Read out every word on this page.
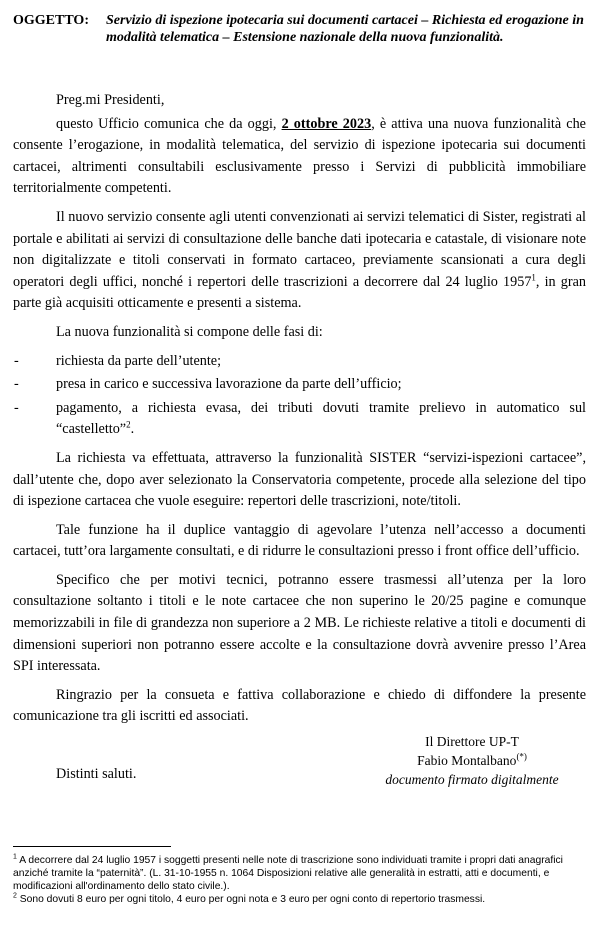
OGGETTO: Servizio di ispezione ipotecaria sui documenti cartacei – Richiesta ed erogazione in modalità telematica – Estensione nazionale della nuova funzionalità.

Preg.mi Presidenti,

questo Ufficio comunica che da oggi, 2 ottobre 2023, è attiva una nuova funzionalità che consente l’erogazione, in modalità telematica, del servizio di ispezione ipotecaria sui documenti cartacei, altrimenti consultabili esclusivamente presso i Servizi di pubblicità immobiliare territorialmente competenti.

Il nuovo servizio consente agli utenti convenzionati ai servizi telematici di Sister, registrati al portale e abilitati ai servizi di consultazione delle banche dati ipotecaria e catastale, di visionare note non digitalizzate e titoli conservati in formato cartaceo, previamente scansionati a cura degli operatori degli uffici, nonché i repertori delle trascrizioni a decorrere dal 24 luglio 1957$^1$, in gran parte già acquisiti otticamente e presenti a sistema.

La nuova funzionalità si compone delle fasi di:

- richiesta da parte dell’utente;
- presa in carico e successiva lavorazione da parte dell’ufficio;
- pagamento, a richiesta evasa, dei tributi dovuti tramite prelievo in automatico sul “castelletto”$^2$.

La richiesta va effettuata, attraverso la funzionalità SISTER “servizi-ispezioni cartacee”, dall’utente che, dopo aver selezionato la Conservatoria competente, procede alla selezione del tipo di ispezione cartacea che vuole eseguire: repertori delle trascrizioni, note/titoli.

Tale funzione ha il duplice vantaggio di agevolare l’utenza nell’accesso a documenti cartacei, tutt’ora largamente consultati, e di ridurre le consultazioni presso i front office dell’ufficio.

Specifico che per motivi tecnici, potranno essere trasmessi all’utenza per la loro consultazione soltanto i titoli e le note cartacee che non superino le 20/25 pagine e comunque memorizzabili in file di grandezza non superiore a 2 MB. Le richieste relative a titoli e documenti di dimensioni superiori non potranno essere accolte e la consultazione dovrà avvenire presso l’Area SPI interessata.

Ringrazio per la consueta e fattiva collaborazione e chiedo di diffondere la presente comunicazione tra gli iscritti ed associati.

Distinti saluti.
Il Direttore UP-T
Fabio Montalbano(*)
documento firmato digitalmente

$^1$ A decorrere dal 24 luglio 1957 i soggetti presenti nelle note di trascrizione sono individuati tramite i propri dati anagrafici anziché tramite la “paternità”. (L. 31-10-1955 n. 1064 Disposizioni relative alle generalità in estratti, atti e documenti, e modificazioni all'ordinamento dello stato civile.).

$^2$ Sono dovuti 8 euro per ogni titolo, 4 euro per ogni nota e 3 euro per ogni conto di repertorio trasmessi.
